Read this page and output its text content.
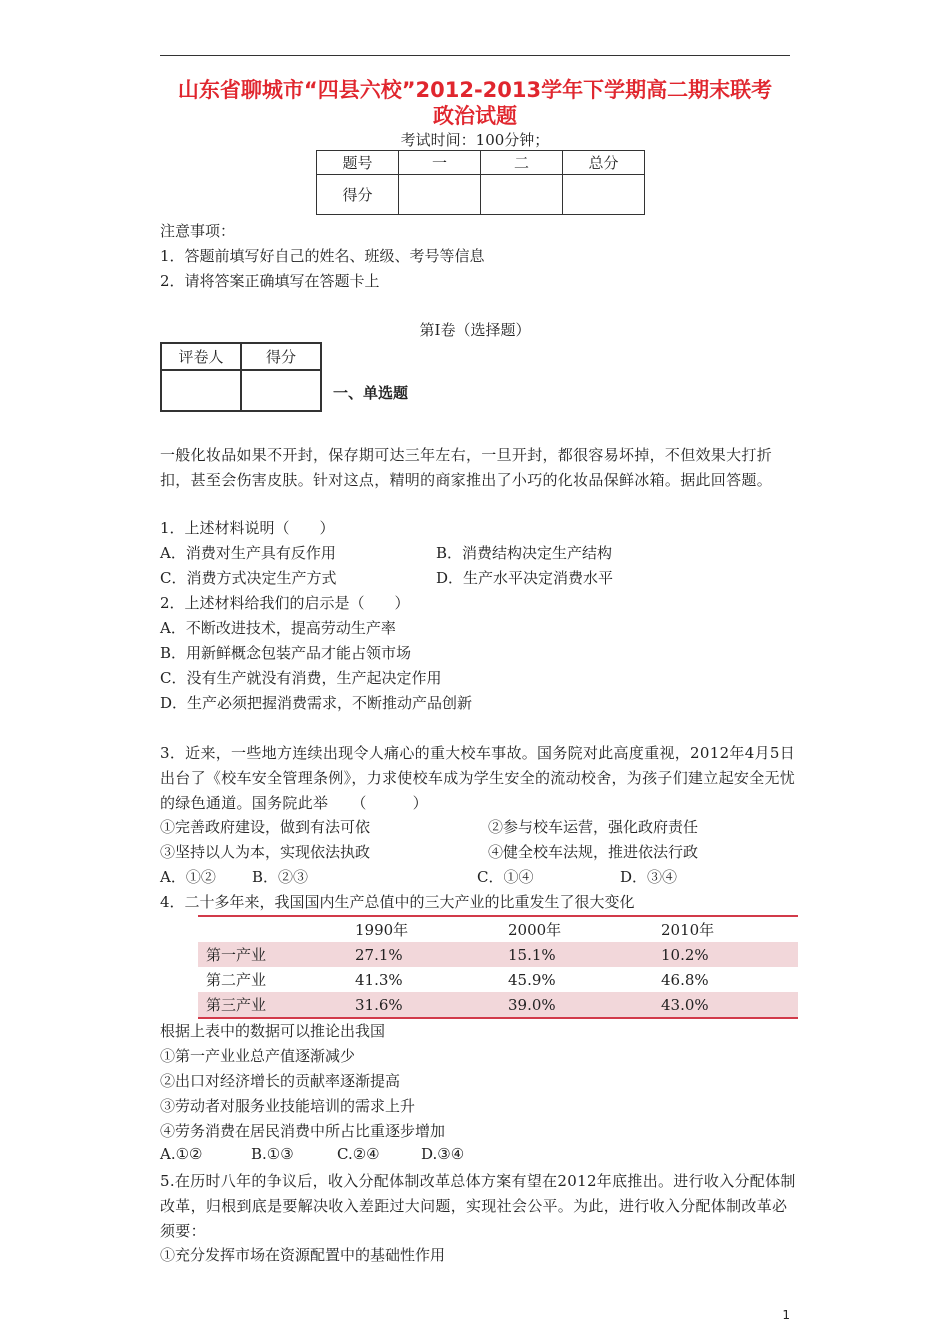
山东省聊城市“四县六校”2012-2013学年下学期高二期末联考
政治试题
考试时间：100分钟；
题号	一	二	总分
得分			
注意事项：
1．答题前填写好自己的姓名、班级、考号等信息
2．请将答案正确填写在答题卡上
第I卷（选择题）
评卷人	得分

一、单选题
一般化妆品如果不开封，保存期可达三年左右，一旦开封，都很容易坏掉，不但效果大打折扣，甚至会伤害皮肤。针对这点，精明的商家推出了小巧的化妆品保鲜冰箱。据此回答题。
1．上述材料说明（　　）
A．消费对生产具有反作用	B．消费结构决定生产结构
C．消费方式决定生产方式	D．生产水平决定消费水平
2．上述材料给我们的启示是（　　）
A．不断改进技术，提高劳动生产率
B．用新鲜概念包装产品才能占领市场
C．没有生产就没有消费，生产起决定作用
D．生产必须把握消费需求，不断推动产品创新
3．近来，一些地方连续出现令人痛心的重大校车事故。国务院对此高度重视，2012年4月5日出台了《校车安全管理条例》，力求使校车成为学生安全的流动校舍，为孩子们建立起安全无忧的绿色通道。国务院此举　　（　　　）
①完善政府建设，做到有法可依	②参与校车运营，强化政府责任
③坚持以人为本，实现依法执政	④健全校车法规，推进依法行政
A．①② B．②③	C．①④	D．③④
4．二十多年来，我国国内生产总值中的三大产业的比重发生了很大变化
	1990年	2000年	2010年
第一产业	27.1%	15.1%	10.2%
第二产业	41.3%	45.9%	46.8%
第三产业	31.6%	39.0%	43.0%
根据上表中的数据可以推论出我国
①第一产业业总产值逐渐减少
②出口对经济增长的贡献率逐渐提高
③劳动者对服务业技能培训的需求上升
④劳务消费在居民消费中所占比重逐步增加
A.①②	B.①③	C.②④	D.③④
5.在历时八年的争议后，收入分配体制改革总体方案有望在2012年底推出。进行收入分配体制改革，归根到底是要解决收入差距过大问题，实现社会公平。为此，进行收入分配体制改革必须要：
①充分发挥市场在资源配置中的基础性作用
1
